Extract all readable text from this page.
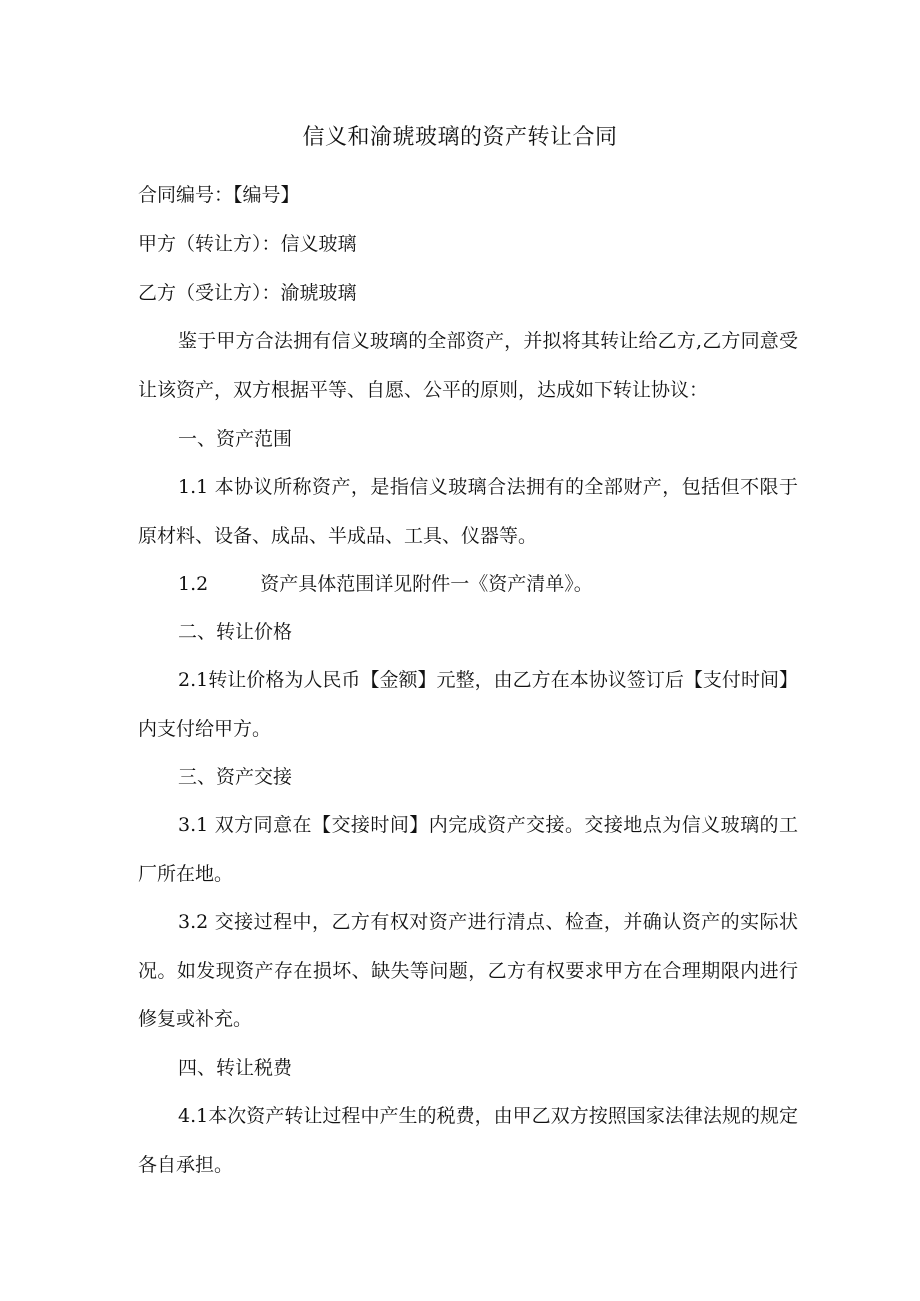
信义和渝琥玻璃的资产转让合同
合同编号：【编号】
甲方（转让方）：信义玻璃
乙方（受让方）：渝琥玻璃
鉴于甲方合法拥有信义玻璃的全部资产，并拟将其转让给乙方,乙方同意受让该资产，双方根据平等、自愿、公平的原则，达成如下转让协议：
一、资产范围
1.1 本协议所称资产，是指信义玻璃合法拥有的全部财产，包括但不限于原材料、设备、成品、半成品、工具、仪器等。
1.2	资产具体范围详见附件一《资产清单》。
二、转让价格
2.1转让价格为人民币【金额】元整，由乙方在本协议签订后【支付时间】内支付给甲方。
三、资产交接
3.1 双方同意在【交接时间】内完成资产交接。交接地点为信义玻璃的工厂所在地。
3.2 交接过程中，乙方有权对资产进行清点、检查，并确认资产的实际状况。如发现资产存在损坏、缺失等问题，乙方有权要求甲方在合理期限内进行修复或补充。
四、转让税费
4.1本次资产转让过程中产生的税费，由甲乙双方按照国家法律法规的规定各自承担。
